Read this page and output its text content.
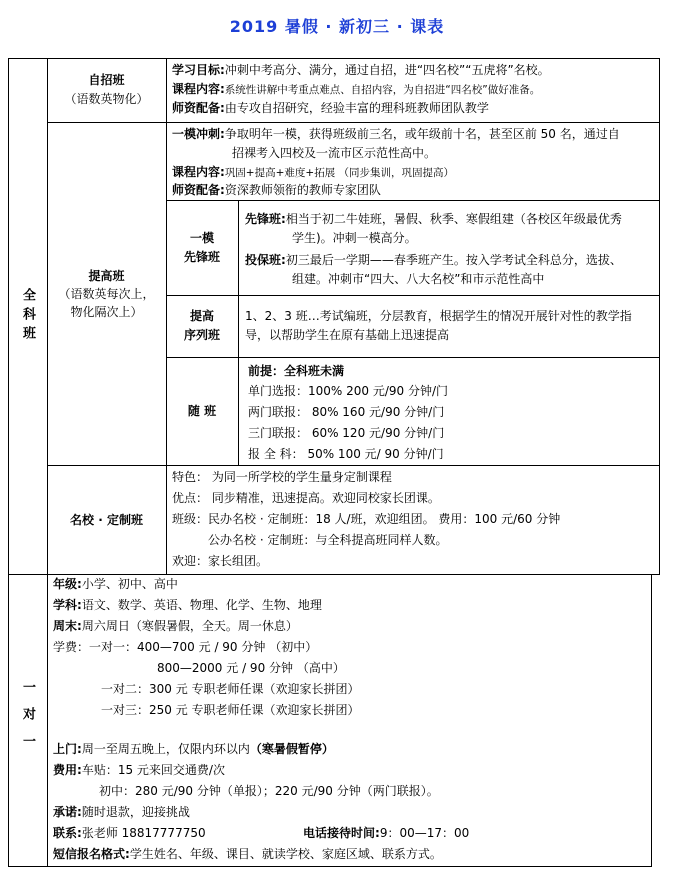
2019 暑假 · 新初三 · 课表
全科班
自招班
（语数英物化）
学习目标:冲刺中考高分、满分，通过自招，进“四名校”“五虎将”名校。
课程内容:系统性讲解中考重点难点、自招内容，为自招进“四名校”做好准备。
师资配备:由专攻自招研究，经验丰富的理科班教师团队教学
提高班
（语数英每次上，
物化隔次上）
一模冲刺:争取明年一模，获得班级前三名，或年级前十名，甚至区前 50 名，通过自
招裸考入四校及一流市区示范性高中。
课程内容:巩固+提高+难度+拓展 （同步集训，巩固提高）
师资配备:资深教师领衔的教师专家团队
一模
先锋班
先锋班:相当于初二牛娃班，暑假、秋季、寒假组建（各校区年级最优秀
学生)。冲刺一模高分。
投保班:初三最后一学期——春季班产生。按入学考试全科总分，选拔、
组建。冲刺市“四大、八大名校”和市示范性高中
提高
序列班
1、2、3 班…考试编班，分层教育，根据学生的情况开展针对性的教学指
导，以帮助学生在原有基础上迅速提高
随 班
前提：全科班未满
单门选报：100% 200 元/90 分钟/门
两门联报： 80% 160 元/90 分钟/门
三门联报： 60% 120 元/90 分钟/门
报 全 科： 50% 100 元/ 90 分钟/门
名校 · 定制班
特色： 为同一所学校的学生量身定制课程
优点： 同步精准，迅速提高。欢迎同校家长团课。
班级：民办名校 · 定制班：18 人/班，欢迎组团。 费用：100 元/60 分钟
公办名校 · 定制班：与全科提高班同样人数。
欢迎：家长组团。
一对一
年级:小学、初中、高中
学科:语文、数学、英语、物理、化学、生物、地理
周末:周六周日（寒假暑假，全天。周一休息）
学费：一对一：400—700 元 / 90 分钟 （初中）
800—2000 元 / 90 分钟 （高中）
一对二：300 元 专职老师任课（欢迎家长拼团）
一对三：250 元 专职老师任课（欢迎家长拼团）
上门:周一至周五晚上，仅限内环以内（寒暑假暂停）
费用:车贴：15 元来回交通费/次
初中：280 元/90 分钟（单报）；220 元/90 分钟（两门联报）。
承诺:随时退款，迎接挑战
联系:张老师 18817777750	电话接待时间:9：00—17：00
短信报名格式:学生姓名、年级、课目、就读学校、家庭区域、联系方式。
